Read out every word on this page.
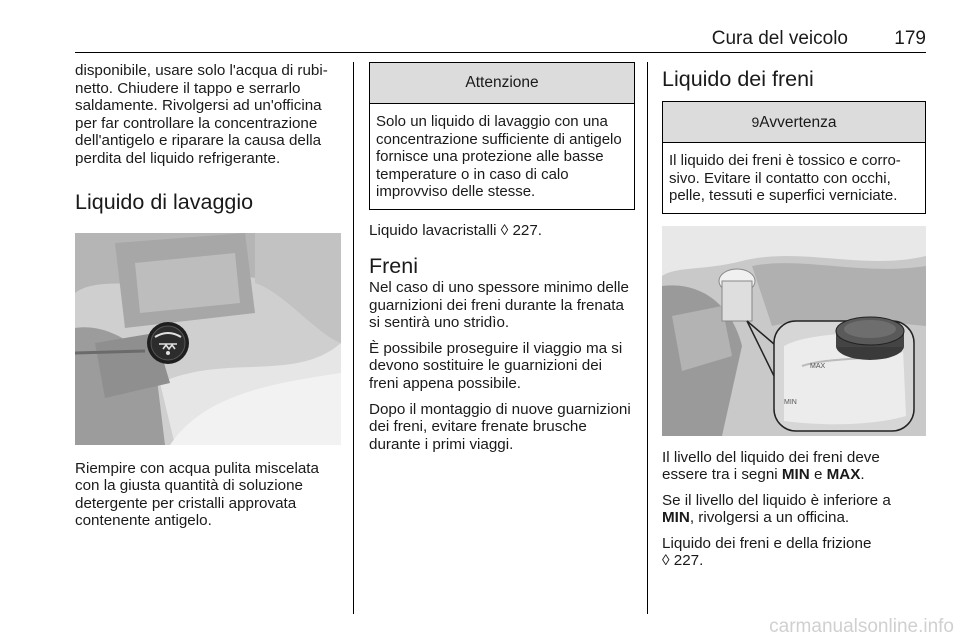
Cura del veicolo 179

disponibile, usare solo l'acqua di rubinetto. Chiudere il tappo e serrarlo saldamente. Rivolgersi ad un'officina per far controllare la concentrazione dell'antigelo e riparare la causa della perdita del liquido refrigerante.

Liquido di lavaggio

Riempire con acqua pulita miscelata con la giusta quantità di soluzione detergente per cristalli approvata contenente antigelo.

Attenzione
Solo un liquido di lavaggio con una concentrazione sufficiente di antigelo fornisce una protezione alle basse temperature o in caso di calo improvviso delle stesse.

Liquido lavacristalli ◊ 227.

Freni

Nel caso di uno spessore minimo delle guarnizioni dei freni durante la frenata si sentirà uno stridìo.

È possibile proseguire il viaggio ma si devono sostituire le guarnizioni dei freni appena possibile.

Dopo il montaggio di nuove guarnizioni dei freni, evitare frenate brusche durante i primi viaggi.

Liquido dei freni
9Avvertenza
Il liquido dei freni è tossico e corrosivo. Evitare il contatto con occhi, pelle, tessuti e superfici verniciate.
MAX
MIN

Il livello del liquido dei freni deve essere tra i segni MIN e MAX.

Se il livello del liquido è inferiore a MIN, rivolgersi a un officina.

Liquido dei freni e della frizione
◊ 227.

carmanualsonline.info
